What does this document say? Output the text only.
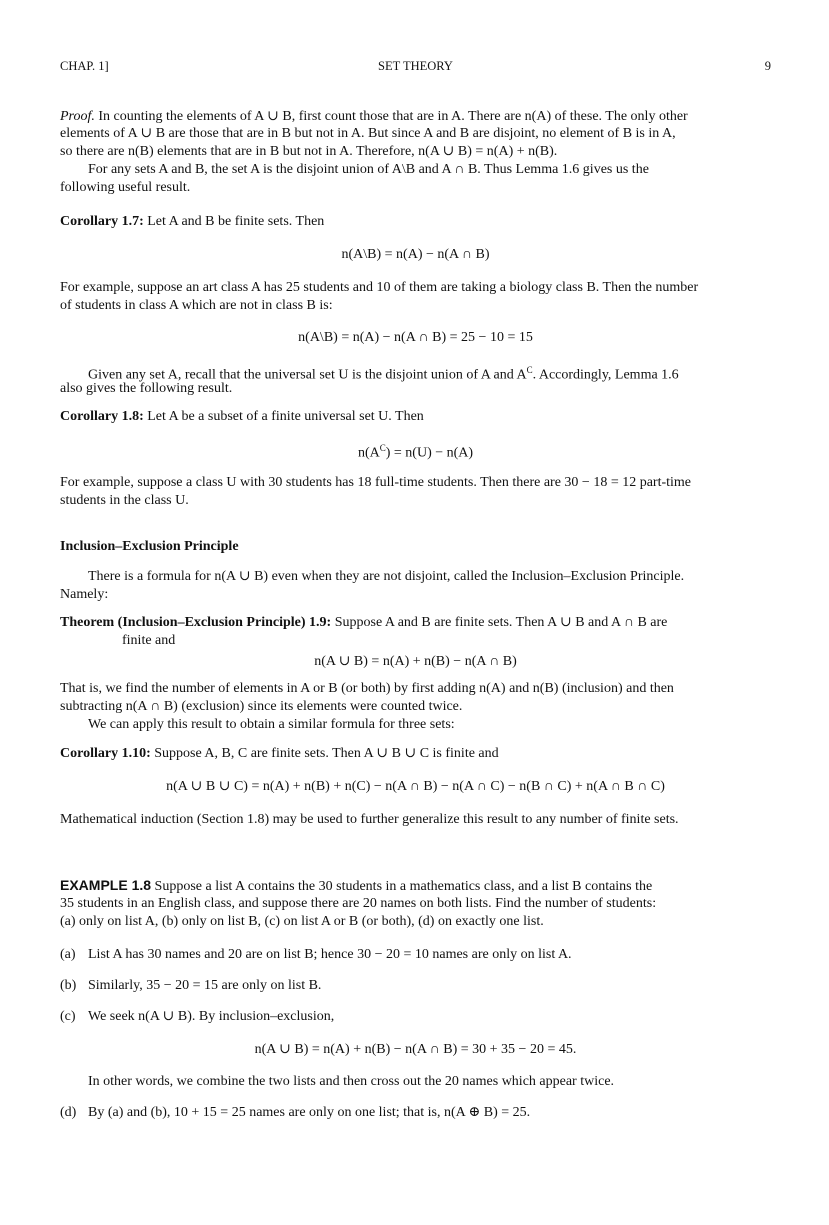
CHAP. 1]	SET THEORY	9
Proof. In counting the elements of A ∪ B, first count those that are in A. There are n(A) of these. The only other
elements of A ∪ B are those that are in B but not in A. But since A and B are disjoint, no element of B is in A,
so there are n(B) elements that are in B but not in A. Therefore, n(A ∪ B) = n(A) + n(B).
For any sets A and B, the set A is the disjoint union of A\B and A ∩ B. Thus Lemma 1.6 gives us the
following useful result.
Corollary 1.7: Let A and B be finite sets. Then
n(A\B) = n(A) − n(A ∩ B)
For example, suppose an art class A has 25 students and 10 of them are taking a biology class B. Then the number
of students in class A which are not in class B is:
n(A\B) = n(A) − n(A ∩ B) = 25 − 10 = 15
Given any set A, recall that the universal set U is the disjoint union of A and $A^C$. Accordingly, Lemma 1.6
also gives the following result.
Corollary 1.8: Let A be a subset of a finite universal set U. Then
$n(A^C) = n(U) - n(A)$
For example, suppose a class U with 30 students has 18 full-time students. Then there are 30 − 18 = 12 part-time
students in the class U.
Inclusion–Exclusion Principle
There is a formula for n(A ∪ B) even when they are not disjoint, called the Inclusion–Exclusion Principle.
Namely:
Theorem (Inclusion–Exclusion Principle) 1.9: Suppose A and B are finite sets. Then A ∪ B and A ∩ B are
finite and
n(A ∪ B) = n(A) + n(B) − n(A ∩ B)
That is, we find the number of elements in A or B (or both) by first adding n(A) and n(B) (inclusion) and then
subtracting n(A ∩ B) (exclusion) since its elements were counted twice.
We can apply this result to obtain a similar formula for three sets:
Corollary 1.10: Suppose A, B, C are finite sets. Then A ∪ B ∪ C is finite and
n(A ∪ B ∪ C) = n(A) + n(B) + n(C) − n(A ∩ B) − n(A ∩ C) − n(B ∩ C) + n(A ∩ B ∩ C)
Mathematical induction (Section 1.8) may be used to further generalize this result to any number of finite sets.
EXAMPLE 1.8 Suppose a list A contains the 30 students in a mathematics class, and a list B contains the
35 students in an English class, and suppose there are 20 names on both lists. Find the number of students:
(a) only on list A, (b) only on list B, (c) on list A or B (or both), (d) on exactly one list.
(a) List A has 30 names and 20 are on list B; hence 30 − 20 = 10 names are only on list A.
(b) Similarly, 35 − 20 = 15 are only on list B.
(c) We seek n(A ∪ B). By inclusion–exclusion,
n(A ∪ B) = n(A) + n(B) − n(A ∩ B) = 30 + 35 − 20 = 45.
In other words, we combine the two lists and then cross out the 20 names which appear twice.
(d) By (a) and (b), 10 + 15 = 25 names are only on one list; that is, n(A ⊕ B) = 25.
